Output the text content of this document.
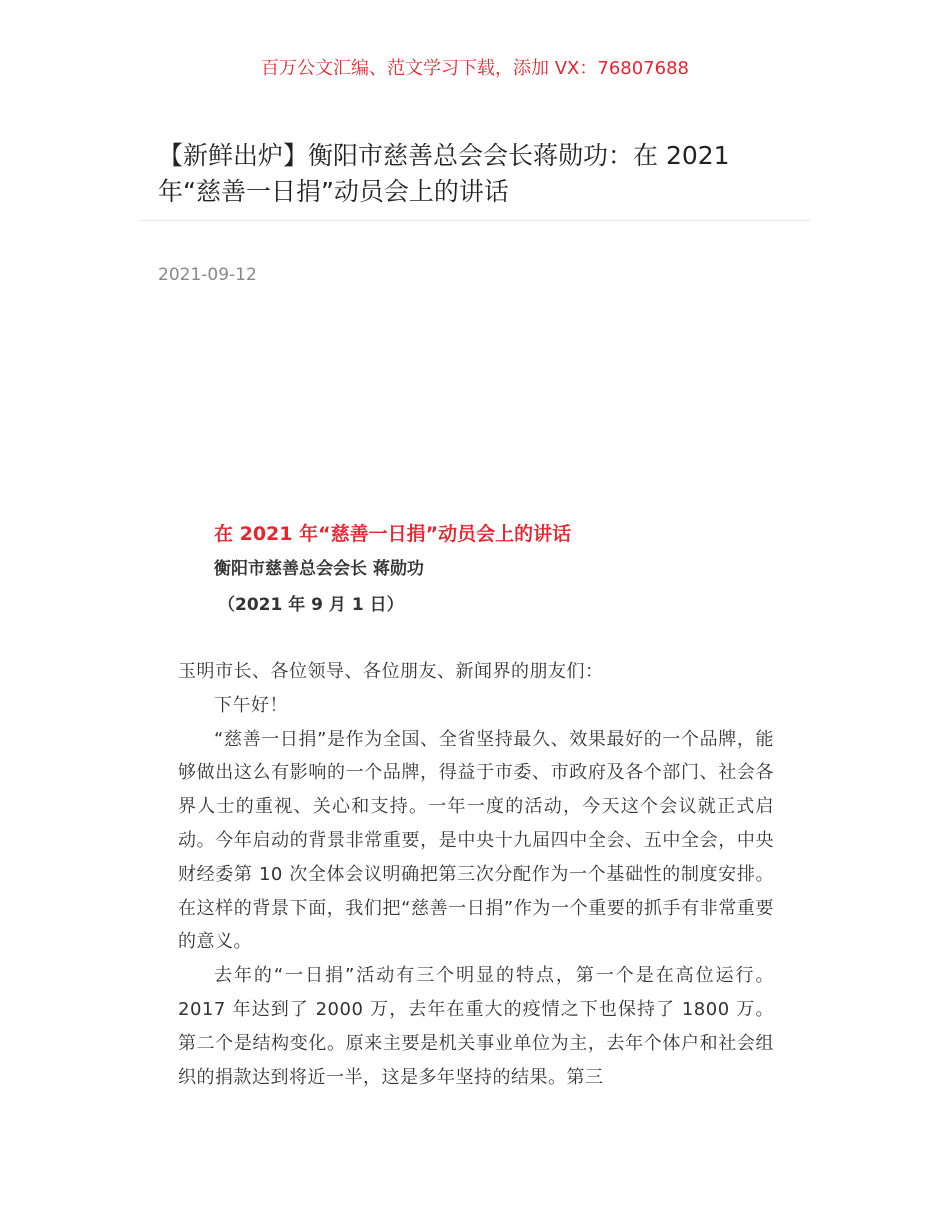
百万公文汇编、范文学习下载，添加 VX：76807688
【新鲜出炉】衡阳市慈善总会会长蒋勋功：在 2021 年“慈善一日捐”动员会上的讲话
2021-09-12
在 2021 年“慈善一日捐”动员会上的讲话
衡阳市慈善总会会长 蒋勋功
（2021 年 9 月 1 日）

玉明市长、各位领导、各位朋友、新闻界的朋友们：

下午好！

“慈善一日捐”是作为全国、全省坚持最久、效果最好的一个品牌，能够做出这么有影响的一个品牌，得益于市委、市政府及各个部门、社会各界人士的重视、关心和支持。一年一度的活动，今天这个会议就正式启动。今年启动的背景非常重要，是中央十九届四中全会、五中全会，中央财经委第 10 次全体会议明确把第三次分配作为一个基础性的制度安排。在这样的背景下面，我们把“慈善一日捐”作为一个重要的抓手有非常重要的意义。

去年的“一日捐”活动有三个明显的特点，第一个是在高位运行。2017 年达到了 2000 万，去年在重大的疫情之下也保持了 1800 万。第二个是结构变化。原来主要是机关事业单位为主，去年个体户和社会组织的捐款达到将近一半，这是多年坚持的结果。第三
